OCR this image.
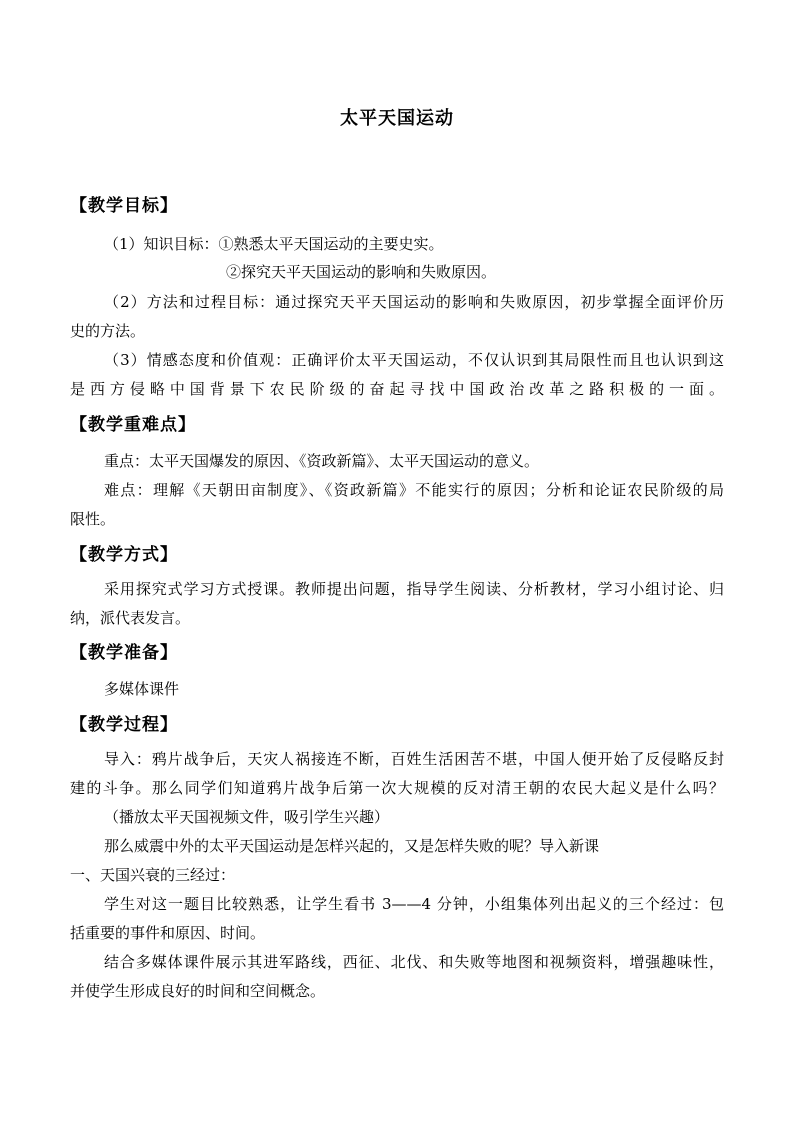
太平天国运动
【教学目标】
（1）知识目标：①熟悉太平天国运动的主要史实。
②探究天平天国运动的影响和失败原因。
（2）方法和过程目标：通过探究天平天国运动的影响和失败原因，初步掌握全面评价历
史的方法。
（3）情感态度和价值观：正确评价太平天国运动，不仅认识到其局限性而且也认识到这
是西方侵略中国背景下农民阶级的奋起寻找中国政治改革之路积极的一面。
【教学重难点】
重点：太平天国爆发的原因、《资政新篇》、太平天国运动的意义。
难点：理解《天朝田亩制度》、《资政新篇》不能实行的原因；分析和论证农民阶级的局
限性。
【教学方式】
采用探究式学习方式授课。教师提出问题，指导学生阅读、分析教材，学习小组讨论、归
纳，派代表发言。
【教学准备】
多媒体课件
【教学过程】
导入：鸦片战争后，天灾人祸接连不断，百姓生活困苦不堪，中国人便开始了反侵略反封
建的斗争。那么同学们知道鸦片战争后第一次大规模的反对清王朝的农民大起义是什么吗？
（播放太平天国视频文件，吸引学生兴趣）
那么威震中外的太平天国运动是怎样兴起的，又是怎样失败的呢？导入新课
一、天国兴衰的三经过：
学生对这一题目比较熟悉，让学生看书 3——4 分钟，小组集体列出起义的三个经过：包
括重要的事件和原因、时间。
结合多媒体课件展示其进军路线，西征、北伐、和失败等地图和视频资料，增强趣味性，
并使学生形成良好的时间和空间概念。
